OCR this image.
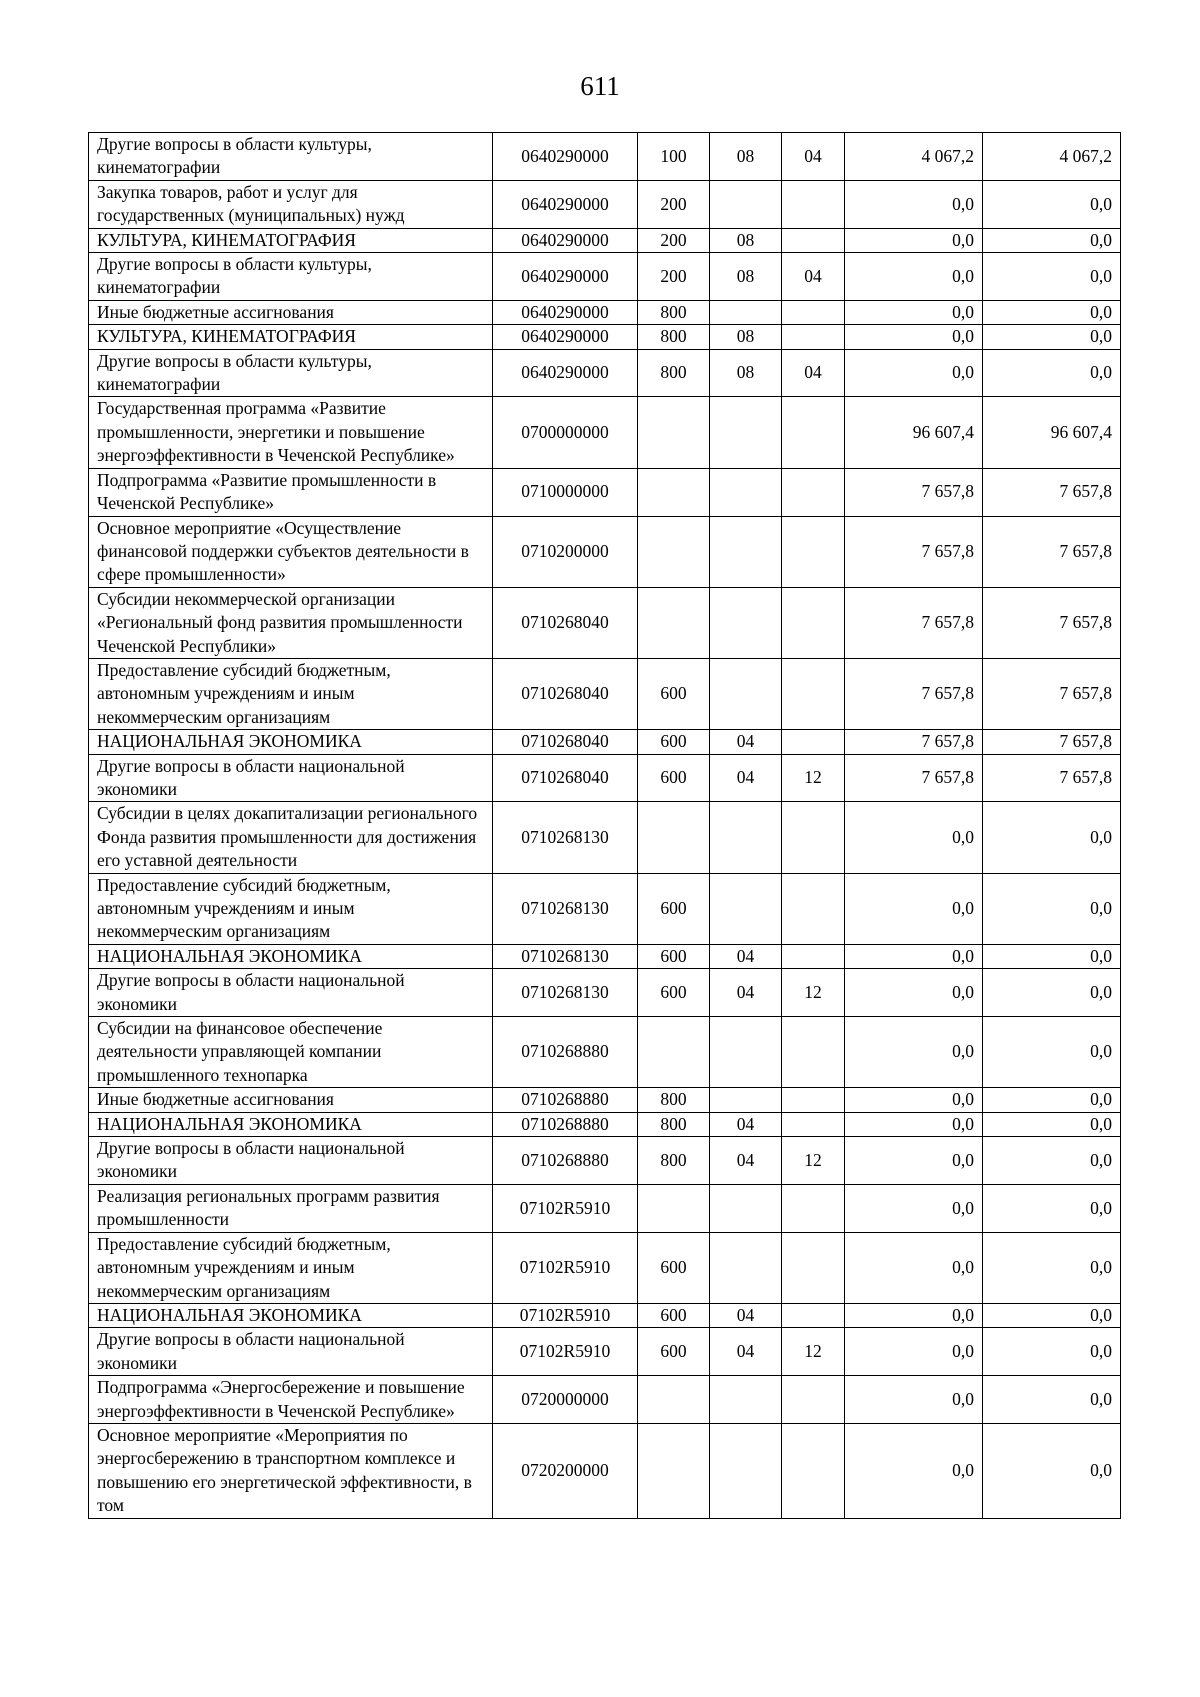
611
Другие вопросы в области культуры, кинематографии	0640290000	100	08	04	4 067,2	4 067,2
Закупка товаров, работ и услуг для государственных (муниципальных) нужд	0640290000	200			0,0	0,0
КУЛЬТУРА, КИНЕМАТОГРАФИЯ	0640290000	200	08		0,0	0,0
Другие вопросы в области культуры, кинематографии	0640290000	200	08	04	0,0	0,0
Иные бюджетные ассигнования	0640290000	800			0,0	0,0
КУЛЬТУРА, КИНЕМАТОГРАФИЯ	0640290000	800	08		0,0	0,0
Другие вопросы в области культуры, кинематографии	0640290000	800	08	04	0,0	0,0
Государственная программа «Развитие промышленности, энергетики и повышение энергоэффективности в Чеченской Республике»	0700000000				96 607,4	96 607,4
Подпрограмма «Развитие промышленности в Чеченской Республике»	0710000000				7 657,8	7 657,8
Основное мероприятие «Осуществление финансовой поддержки субъектов деятельности в сфере промышленности»	0710200000				7 657,8	7 657,8
Субсидии некоммерческой организации «Региональный фонд развития промышленности Чеченской Республики»	0710268040				7 657,8	7 657,8
Предоставление субсидий бюджетным, автономным учреждениям и иным некоммерческим организациям	0710268040	600			7 657,8	7 657,8
НАЦИОНАЛЬНАЯ ЭКОНОМИКА	0710268040	600	04		7 657,8	7 657,8
Другие вопросы в области национальной экономики	0710268040	600	04	12	7 657,8	7 657,8
Субсидии в целях докапитализации регионального Фонда развития промышленности для достижения его уставной деятельности	0710268130				0,0	0,0
Предоставление субсидий бюджетным, автономным учреждениям и иным некоммерческим организациям	0710268130	600			0,0	0,0
НАЦИОНАЛЬНАЯ ЭКОНОМИКА	0710268130	600	04		0,0	0,0
Другие вопросы в области национальной экономики	0710268130	600	04	12	0,0	0,0
Субсидии на финансовое обеспечение деятельности управляющей компании промышленного технопарка	0710268880				0,0	0,0
Иные бюджетные ассигнования	0710268880	800			0,0	0,0
НАЦИОНАЛЬНАЯ ЭКОНОМИКА	0710268880	800	04		0,0	0,0
Другие вопросы в области национальной экономики	0710268880	800	04	12	0,0	0,0
Реализация региональных программ развития промышленности	07102R5910				0,0	0,0
Предоставление субсидий бюджетным, автономным учреждениям и иным некоммерческим организациям	07102R5910	600			0,0	0,0
НАЦИОНАЛЬНАЯ ЭКОНОМИКА	07102R5910	600	04		0,0	0,0
Другие вопросы в области национальной экономики	07102R5910	600	04	12	0,0	0,0
Подпрограмма «Энергосбережение и повышение энергоэффективности в Чеченской Республике»	0720000000				0,0	0,0
Основное мероприятие «Мероприятия по энергосбережению в транспортном комплексе и повышению его энергетической эффективности, в том	0720200000				0,0	0,0
